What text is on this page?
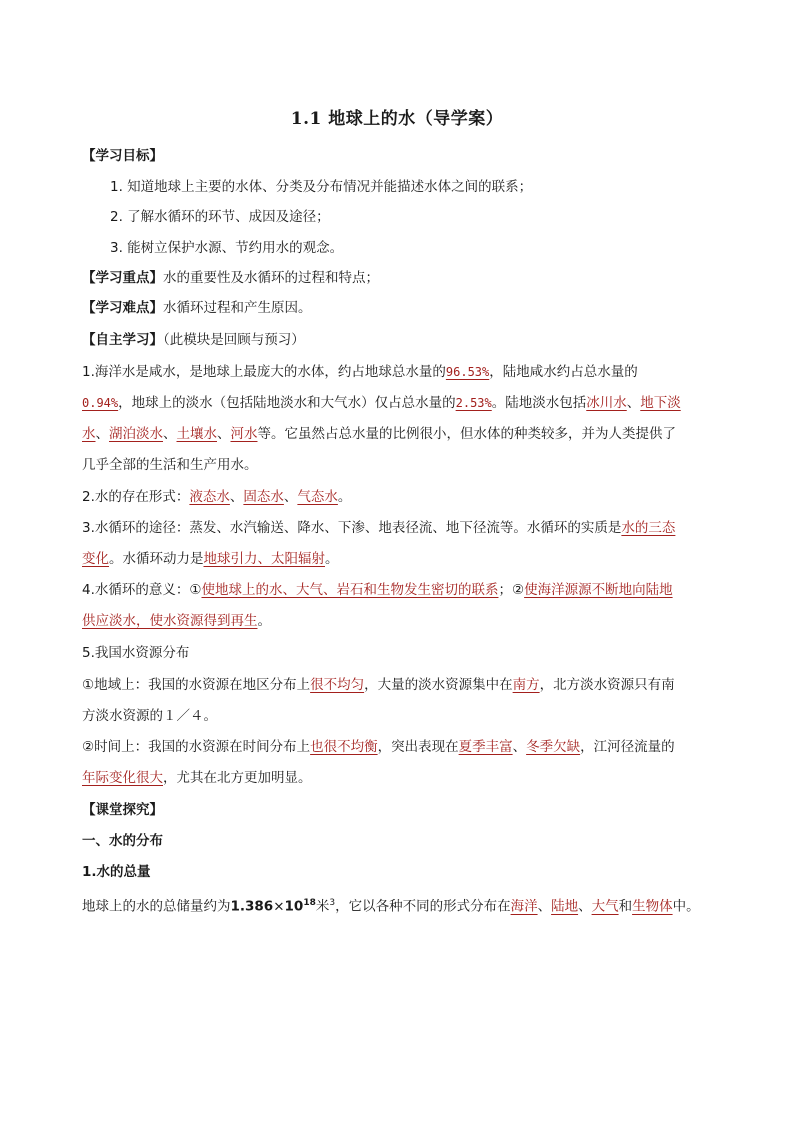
1.1 地球上的水（导学案）
【学习目标】
1. 知道地球上主要的水体、分类及分布情况并能描述水体之间的联系；
2. 了解水循环的环节、成因及途径；
3. 能树立保护水源、节约用水的观念。
【学习重点】水的重要性及水循环的过程和特点；
【学习难点】水循环过程和产生原因。
【自主学习】（此模块是回顾与预习）
1.海洋水是咸水，是地球上最庞大的水体，约占地球总水量的96.53%，陆地咸水约占总水量的
0.94%，地球上的淡水（包括陆地淡水和大气水）仅占总水量的2.53%。陆地淡水包括冰川水、地下淡
水、湖泊淡水、土壤水、河水等。它虽然占总水量的比例很小，但水体的种类较多，并为人类提供了
几乎全部的生活和生产用水。
2.水的存在形式：液态水、固态水、气态水。
3.水循环的途径：蒸发、水汽输送、降水、下渗、地表径流、地下径流等。水循环的实质是水的三态
变化。水循环动力是地球引力、太阳辐射。
4.水循环的意义：①使地球上的水、大气、岩石和生物发生密切的联系；②使海洋源源不断地向陆地
供应淡水，使水资源得到再生。
5.我国水资源分布
①地域上：我国的水资源在地区分布上很不均匀，大量的淡水资源集中在南方，北方淡水资源只有南
方淡水资源的１／４。
②时间上：我国的水资源在时间分布上也很不均衡，突出表现在夏季丰富、冬季欠缺，江河径流量的
年际变化很大，尤其在北方更加明显。
【课堂探究】
一、水的分布
1.水的总量
地球上的水的总储量约为$1.386\times 10^{18}$米$^3$，它以各种不同的形式分布在海洋、陆地、大气和生物体中。
